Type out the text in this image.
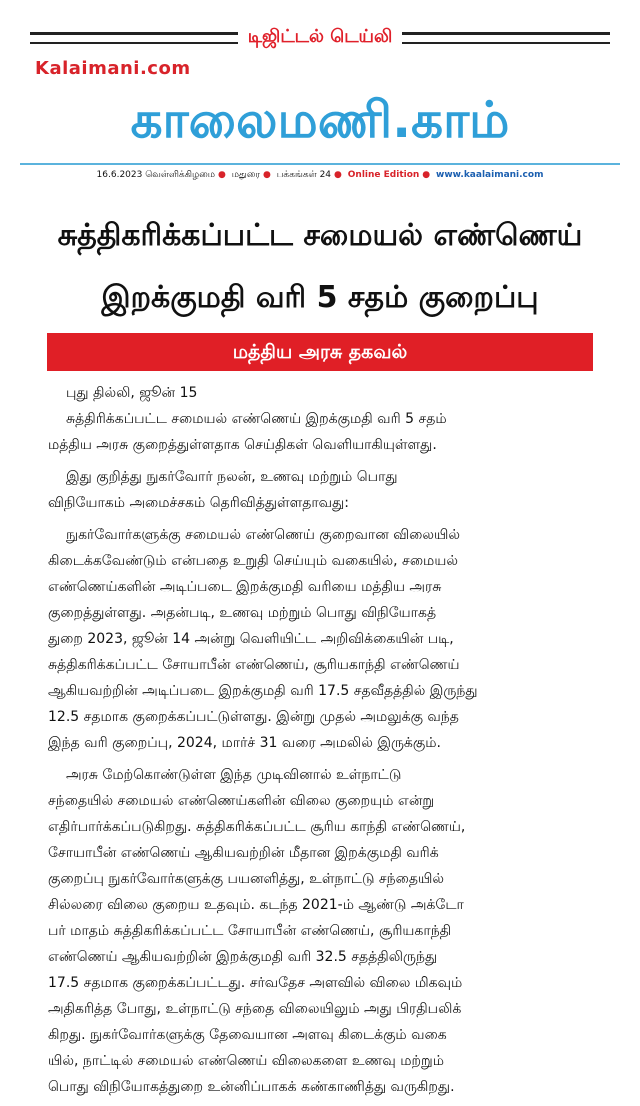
டிஜிட்டல் டெய்லி
Kalaimani.com
காலைமணி.காம்
16.6.2023 வெள்ளிக்கிழமை ● மதுரை ● பக்கங்கள் 24 ● Online Edition ● www.kaalaimani.com
சுத்திகரிக்கப்பட்ட சமையல் எண்ணெய்
இறக்குமதி வரி 5 சதம் குறைப்பு
மத்திய அரசு தகவல்
புது தில்லி, ஜூன் 15
சுத்திரிக்கப்பட்ட சமையல் எண்ணெய் இறக்குமதி வரி 5 சதம்
மத்திய அரசு குறைத்துள்ளதாக செய்திகள் வெளியாகியுள்ளது.
இது குறித்து நுகர்வோர் நலன், உணவு மற்றும் பொது
விநியோகம் அமைச்சகம் தெரிவித்துள்ளதாவது:
நுகர்வோர்களுக்கு சமையல் எண்ணெய் குறைவான விலையில்
கிடைக்கவேண்டும் என்பதை உறுதி செய்யும் வகையில், சமையல்
எண்ணெய்களின் அடிப்படை இறக்குமதி வரியை மத்திய அரசு
குறைத்துள்ளது. அதன்படி, உணவு மற்றும் பொது விநியோகத்
துறை 2023, ஜூன் 14 அன்று வெளியிட்ட அறிவிக்கையின் படி,
சுத்திகரிக்கப்பட்ட சோயாபீன் எண்ணெய், சூரியகாந்தி எண்ணெய்
ஆகியவற்றின் அடிப்படை இறக்குமதி வரி 17.5 சதவீதத்தில் இருந்து
12.5 சதமாக குறைக்கப்பட்டுள்ளது. இன்று முதல் அமலுக்கு வந்த
இந்த வரி குறைப்பு, 2024, மார்ச் 31 வரை அமலில் இருக்கும்.
அரசு மேற்கொண்டுள்ள இந்த முடிவினால் உள்நாட்டு
சந்தையில் சமையல் எண்ணெய்களின் விலை குறையும் என்று
எதிர்பார்க்கப்படுகிறது. சுத்திகரிக்கப்பட்ட சூரிய காந்தி எண்ணெய்,
சோயாபீன் எண்ணெய் ஆகியவற்றின் மீதான இறக்குமதி வரிக்
குறைப்பு நுகர்வோர்களுக்கு பயனளித்து, உள்நாட்டு சந்தையில்
சில்லரை விலை குறைய உதவும். கடந்த 2021-ம் ஆண்டு அக்டோ
பர் மாதம் சுத்திகரிக்கப்பட்ட சோயாபீன் எண்ணெய், சூரியகாந்தி
எண்ணெய் ஆகியவற்றின் இறக்குமதி வரி 32.5 சதத்திலிருந்து
17.5 சதமாக குறைக்கப்பட்டது. சர்வதேச அளவில் விலை மிகவும்
அதிகரித்த போது, உள்நாட்டு சந்தை விலையிலும் அது பிரதிபலிக்
கிறது. நுகர்வோர்களுக்கு தேவையான அளவு கிடைக்கும் வகை
யில், நாட்டில் சமையல் எண்ணெய் விலைகளை உணவு மற்றும்
பொது விநியோகத்துறை உன்னிப்பாகக் கண்காணித்து வருகிறது.
